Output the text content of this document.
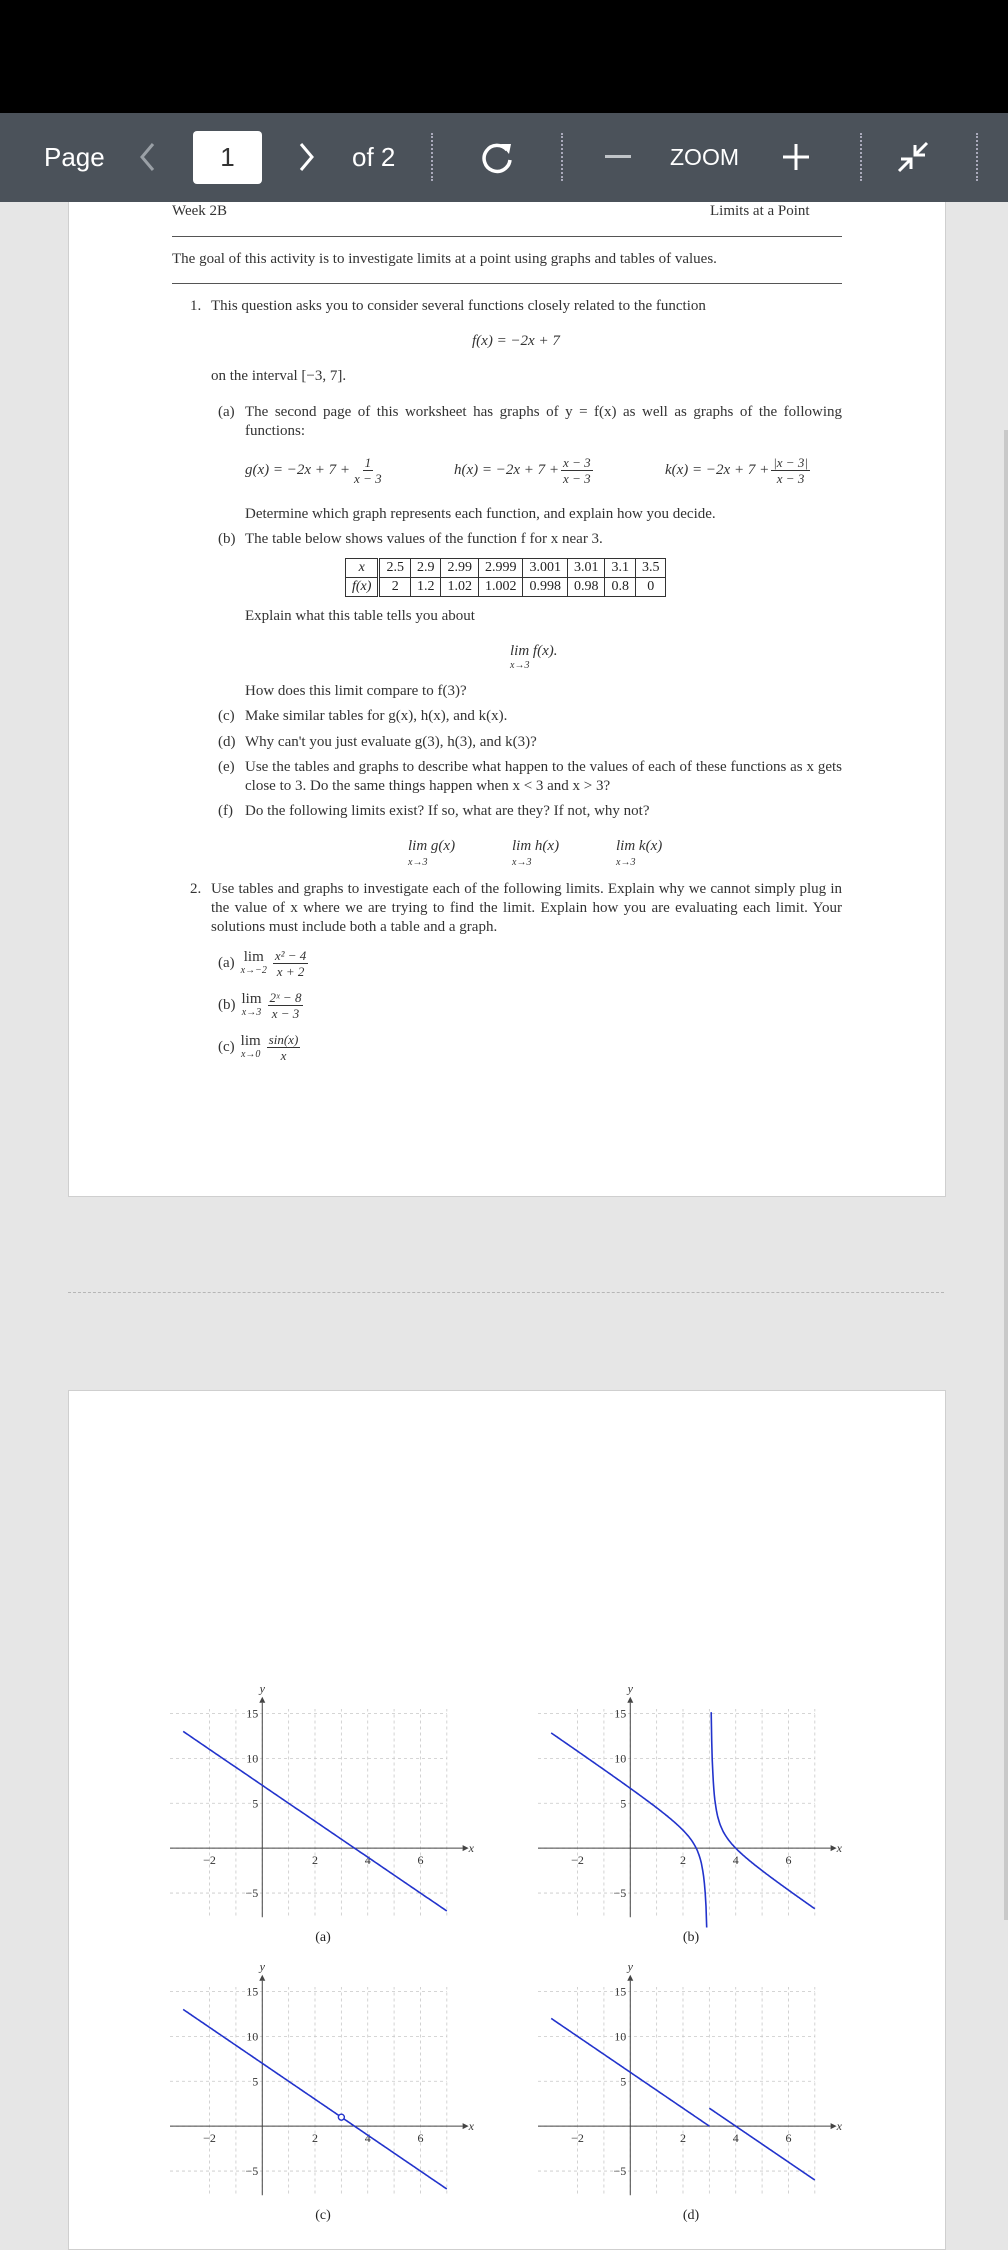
Page	1	of 2	ZOOM
Week 2B	Limits at a Point
The goal of this activity is to investigate limits at a point using graphs and tables of values.
1. This question asks you to consider several functions closely related to the function
f(x) = −2x + 7
on the interval [−3, 7].
(a) The second page of this worksheet has graphs of y = f(x) as well as graphs of the following functions:
$g(x) = -2x + 7 + \frac{1}{x - 3}$	$h(x) = -2x + 7 + \frac{x - 3}{x - 3}$	$k(x) = -2x + 7 + \frac{|x - 3|}{x - 3}$
Determine which graph represents each function, and explain how you decide.
(b) The table below shows values of the function f for x near 3.
x	2.5	2.9	2.99	2.999	3.001	3.01	3.1	3.5
f(x)	2	1.2	1.02	1.002	0.998	0.98	0.8	0
Explain what this table tells you about
lim f(x).
x→3
How does this limit compare to f(3)?
(c) Make similar tables for g(x), h(x), and k(x).
(d) Why can't you just evaluate g(3), h(3), and k(3)?
(e) Use the tables and graphs to describe what happen to the values of each of these functions as x gets close to 3. Do the same things happen when x < 3 and x > 3?
(f) Do the following limits exist? If so, what are they? If not, why not?
lim g(x)
x→3
lim h(x)
x→3
lim k(x)
x→3
2. Use tables and graphs to investigate each of the following limits. Explain why we cannot simply plug in the value of x where we are trying to find the limit. Explain how you are evaluating each limit. Your solutions must include both a table and a graph.
(a) lim
$x\to-2 \frac{\text{x² − 4}}{x + 2}$
(b) lim
$x\to 3 \frac{\text{2ˣ − 8}}{x - 3}$
(c) lim
$x\to 0 \frac{\sin(x)}{x}$
x
y
−2	2	4	6
15
10
5
−5
x
y
−2	2	4	6
15
10
5
−5
x
y
−2	2	4	6
15
10
5
−5
x
y
−2	2	4	6
15
10
5
−5
(a)	(b)
(c)	(d)
